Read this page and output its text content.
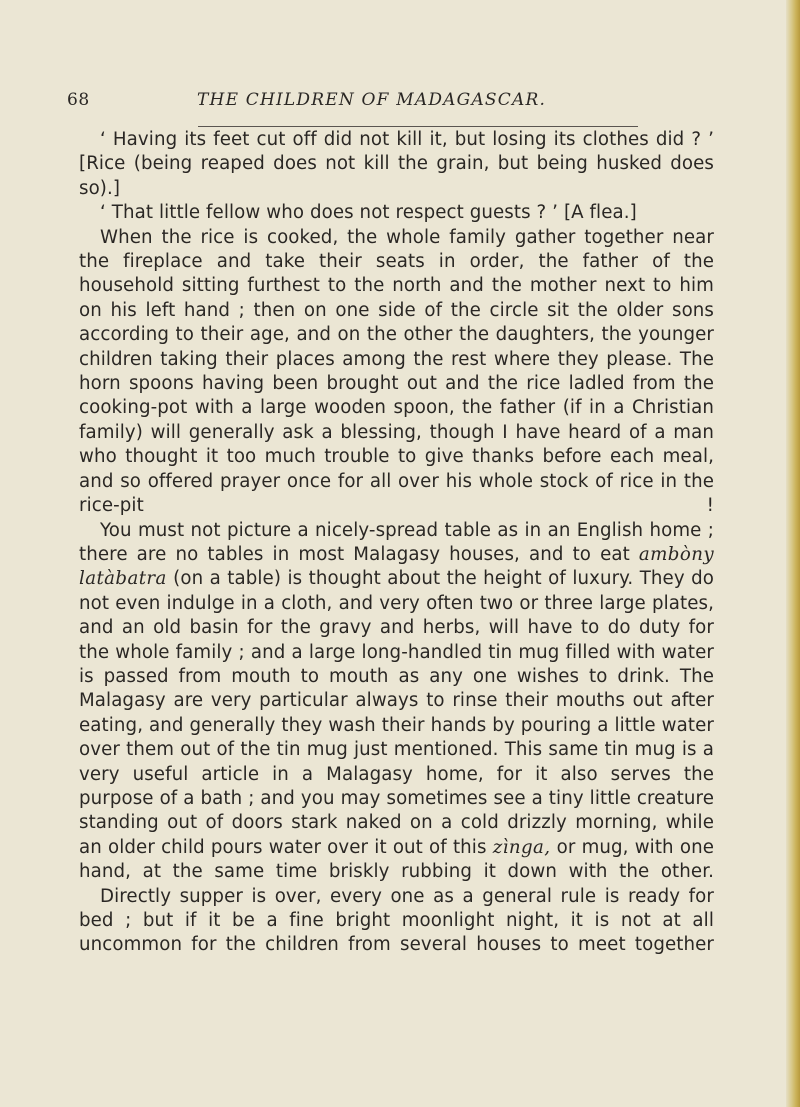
68	THE CHILDREN OF MADAGASCAR.

‘ Having its feet cut off did not kill it, but losing its clothes did ? ’ [Rice (being reaped does not kill the grain, but being husked does so).]

‘ That little fellow who does not respect guests ? ’ [A flea.]

When the rice is cooked, the whole family gather together near the fireplace and take their seats in order, the father of the household sitting furthest to the north and the mother next to him on his left hand ; then on one side of the circle sit the older sons according to their age, and on the other the daughters, the younger children taking their places among the rest where they please. The horn spoons having been brought out and the rice ladled from the cooking-pot with a large wooden spoon, the father (if in a Christian family) will generally ask a blessing, though I have heard of a man who thought it too much trouble to give thanks before each meal, and so offered prayer once for all over his whole stock of rice in the rice-pit !

You must not picture a nicely-spread table as in an English home ; there are no tables in most Malagasy houses, and to eat ambòny latàbatra (on a table) is thought about the height of luxury. They do not even indulge in a cloth, and very often two or three large plates, and an old basin for the gravy and herbs, will have to do duty for the whole family ; and a large long-handled tin mug filled with water is passed from mouth to mouth as any one wishes to drink. The Malagasy are very particular always to rinse their mouths out after eating, and generally they wash their hands by pouring a little water over them out of the tin mug just mentioned. This same tin mug is a very useful article in a Malagasy home, for it also serves the purpose of a bath ; and you may sometimes see a tiny little creature standing out of doors stark naked on a cold drizzly morning, while an older child pours water over it out of this zìnga, or mug, with one hand, at the same time briskly rubbing it down with the other.

Directly supper is over, every one as a general rule is ready for bed ; but if it be a fine bright moonlight night, it is not at all uncommon for the children from several houses to meet together
